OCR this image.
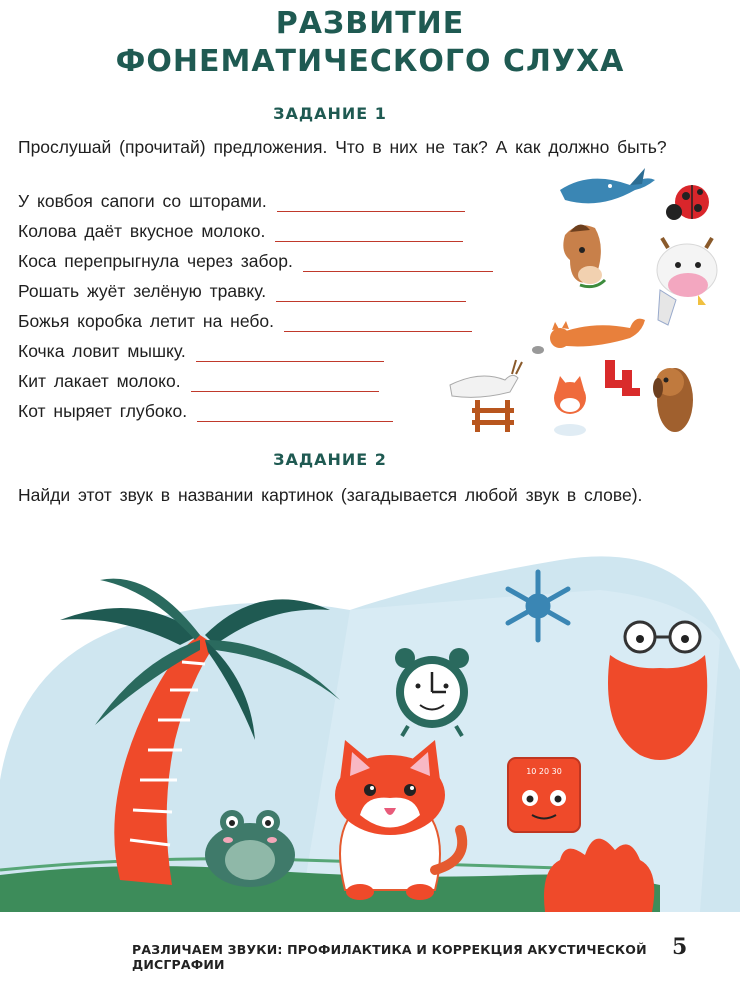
РАЗВИТИЕ
ФОНЕМАТИЧЕСКОГО СЛУХА
ЗАДАНИЕ 1

Прослушай (прочитай) предложения. Что в них не так? А как должно быть?

У ковбоя сапоги со шторами.
Колова даёт вкусное молоко.
Коса перепрыгнула через забор.
Рошать жуёт зелёную травку.
Божья коробка летит на небо.
Кочка ловит мышку.
Кит лакает молоко.
Кот ныряет глубоко.
ЗАДАНИЕ 2

Найди этот звук в названии картинок (загадывается любой звук в слове).

10 20 30
РАЗЛИЧАЕМ ЗВУКИ: ПРОФИЛАКТИКА И КОРРЕКЦИЯ АКУСТИЧЕСКОЙ ДИСГРАФИИ
5
